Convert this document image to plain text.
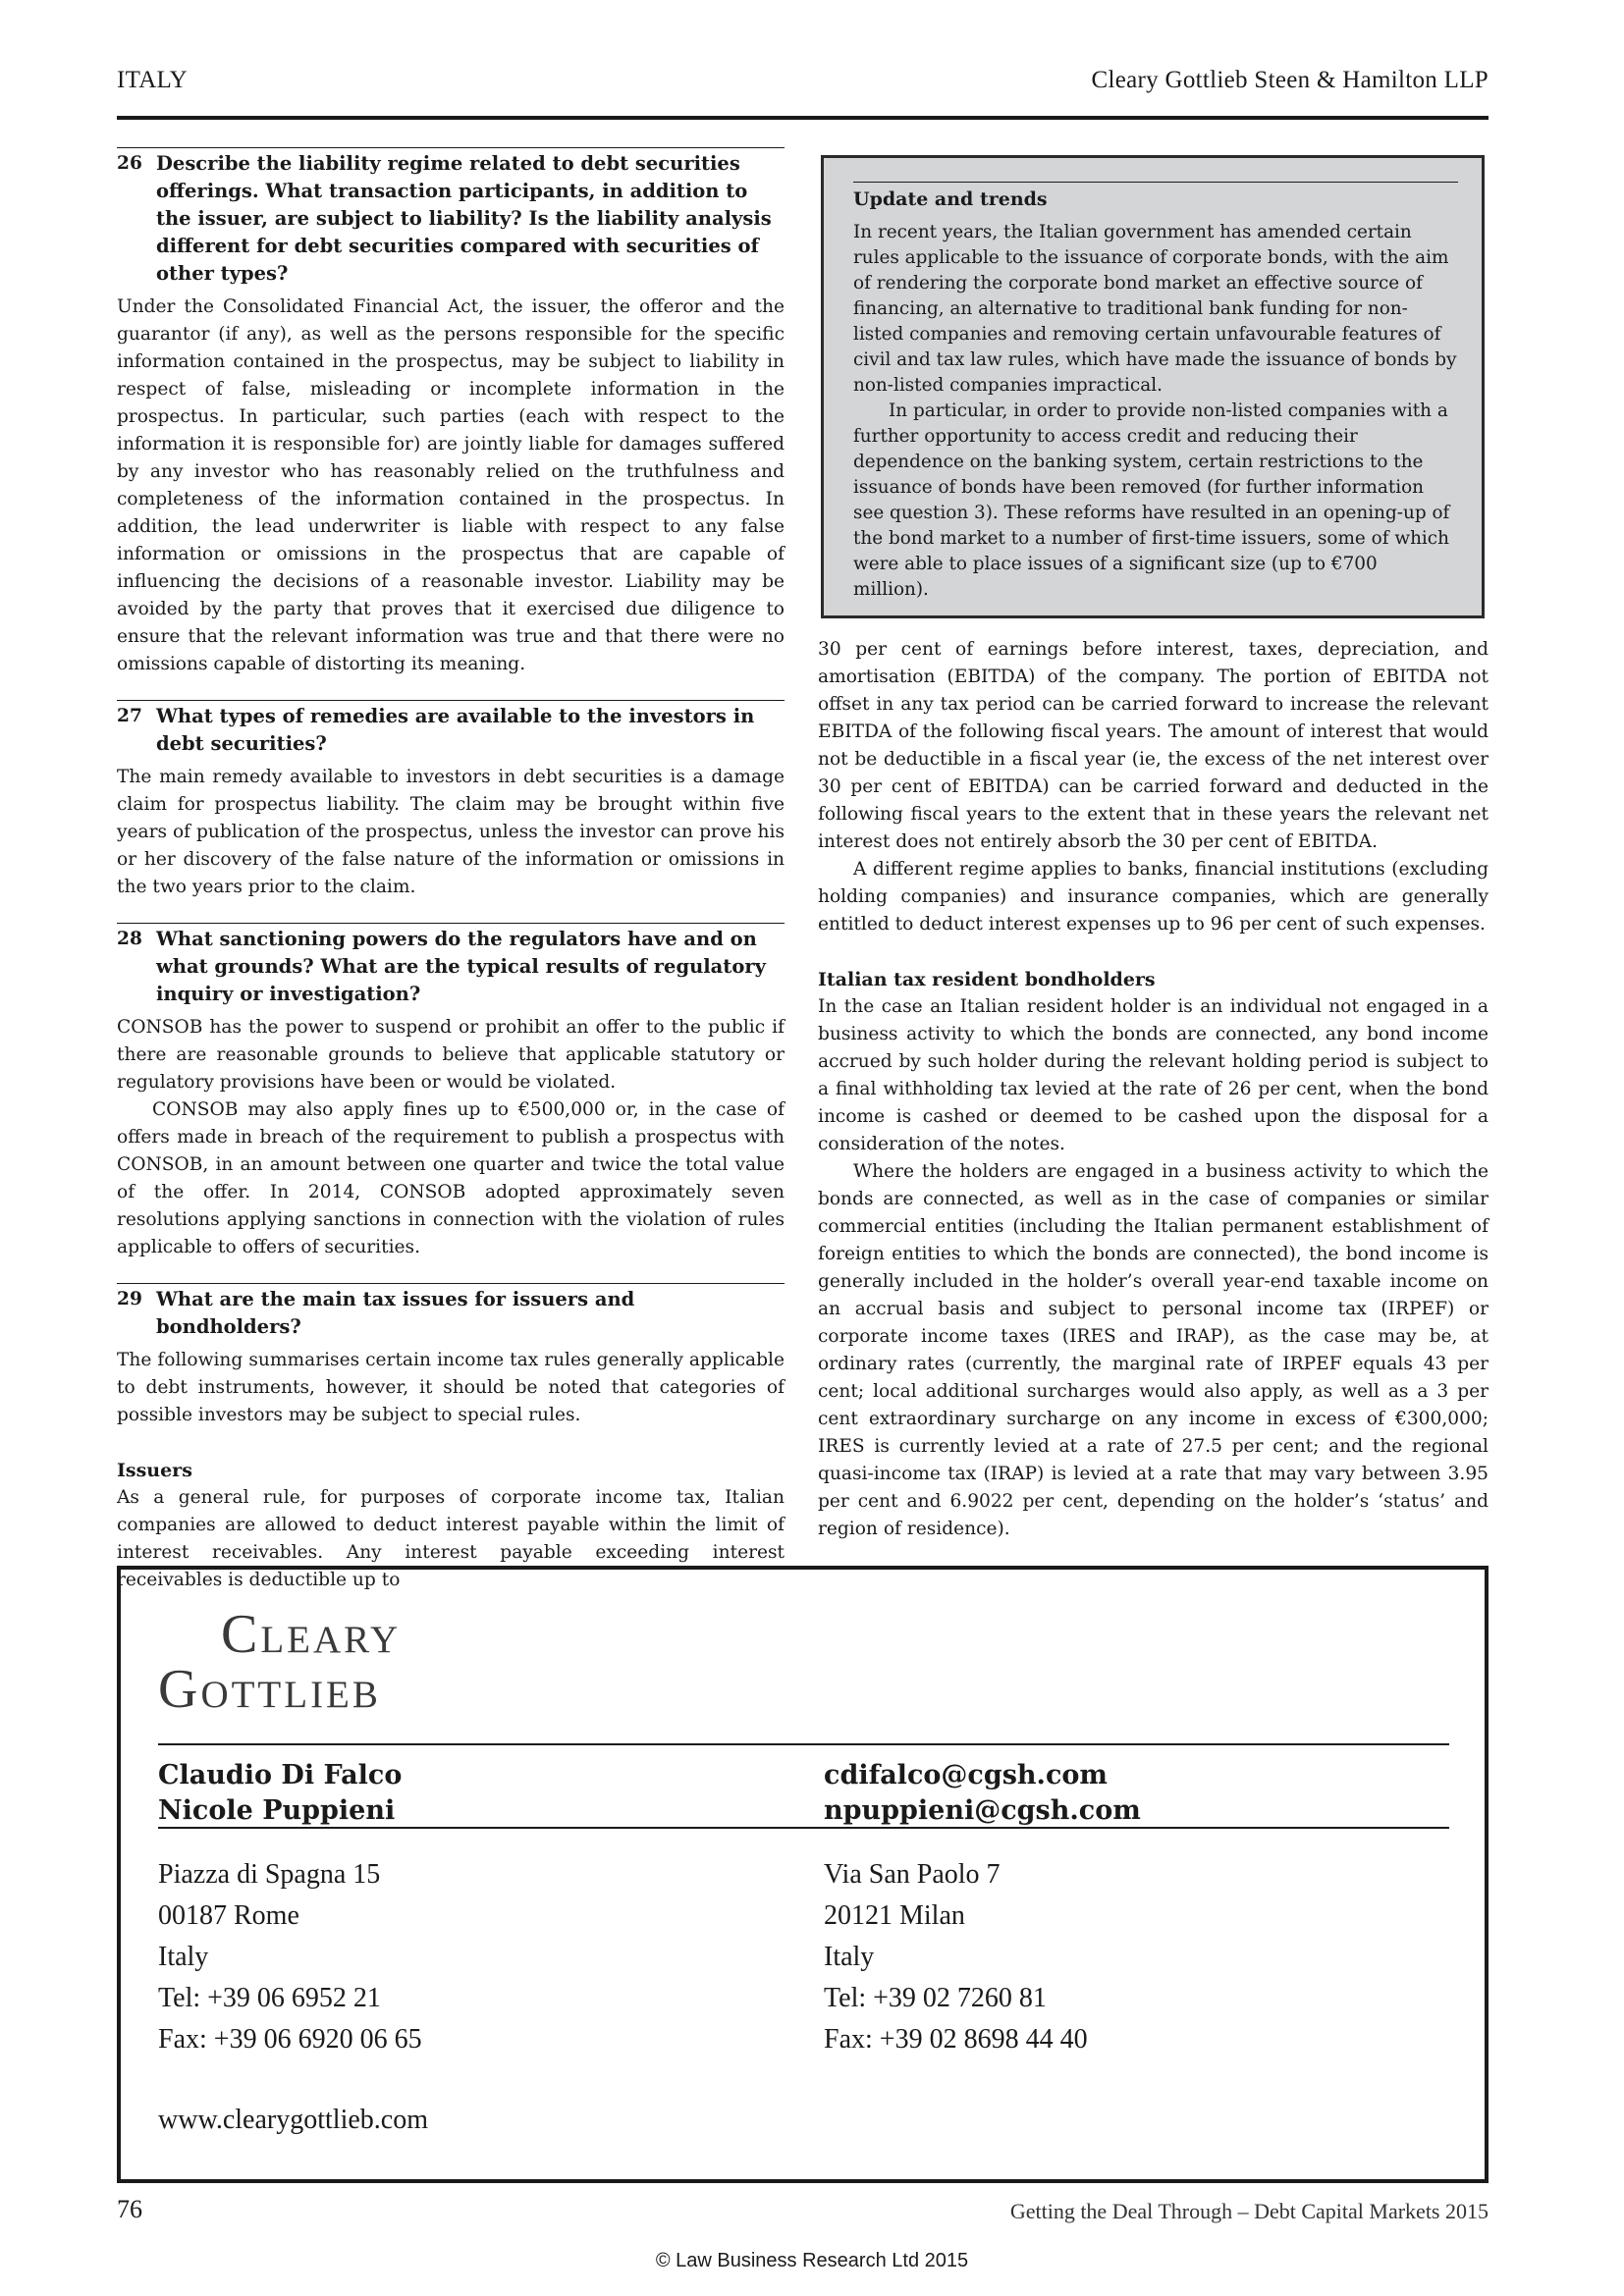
ITALY	Cleary Gottlieb Steen & Hamilton LLP
26 Describe the liability regime related to debt securities offerings. What transaction participants, in addition to the issuer, are subject to liability? Is the liability analysis different for debt securities compared with securities of other types?

Under the Consolidated Financial Act, the issuer, the offeror and the guarantor (if any), as well as the persons responsible for the specific information contained in the prospectus, may be subject to liability in respect of false, misleading or incomplete information in the prospectus. In particular, such parties (each with respect to the information it is responsible for) are jointly liable for damages suffered by any investor who has reasonably relied on the truthfulness and completeness of the information contained in the prospectus. In addition, the lead underwriter is liable with respect to any false information or omissions in the prospectus that are capable of influencing the decisions of a reasonable investor. Liability may be avoided by the party that proves that it exercised due diligence to ensure that the relevant information was true and that there were no omissions capable of distorting its meaning.

27 What types of remedies are available to the investors in debt securities?

The main remedy available to investors in debt securities is a damage claim for prospectus liability. The claim may be brought within five years of publication of the prospectus, unless the investor can prove his or her discovery of the false nature of the information or omissions in the two years prior to the claim.

28 What sanctioning powers do the regulators have and on what grounds? What are the typical results of regulatory inquiry or investigation?

CONSOB has the power to suspend or prohibit an offer to the public if there are reasonable grounds to believe that applicable statutory or regulatory provisions have been or would be violated.

CONSOB may also apply fines up to €500,000 or, in the case of offers made in breach of the requirement to publish a prospectus with CONSOB, in an amount between one quarter and twice the total value of the offer. In 2014, CONSOB adopted approximately seven resolutions applying sanctions in connection with the violation of rules applicable to offers of securities.

29 What are the main tax issues for issuers and bondholders?

The following summarises certain income tax rules generally applicable to debt instruments, however, it should be noted that categories of possible investors may be subject to special rules.

Issuers

As a general rule, for purposes of corporate income tax, Italian companies are allowed to deduct interest payable within the limit of interest receivables. Any interest payable exceeding interest receivables is deductible up to

Update and trends

In recent years, the Italian government has amended certain rules applicable to the issuance of corporate bonds, with the aim of rendering the corporate bond market an effective source of financing, an alternative to traditional bank funding for non-listed companies and removing certain unfavourable features of civil and tax law rules, which have made the issuance of bonds by non-listed companies impractical.

In particular, in order to provide non-listed companies with a further opportunity to access credit and reducing their dependence on the banking system, certain restrictions to the issuance of bonds have been removed (for further information see question 3). These reforms have resulted in an opening-up of the bond market to a number of first-time issuers, some of which were able to place issues of a significant size (up to €700 million).

30 per cent of earnings before interest, taxes, depreciation, and amortisation (EBITDA) of the company. The portion of EBITDA not offset in any tax period can be carried forward to increase the relevant EBITDA of the following fiscal years. The amount of interest that would not be deductible in a fiscal year (ie, the excess of the net interest over 30 per cent of EBITDA) can be carried forward and deducted in the following fiscal years to the extent that in these years the relevant net interest does not entirely absorb the 30 per cent of EBITDA.

A different regime applies to banks, financial institutions (excluding holding companies) and insurance companies, which are generally entitled to deduct interest expenses up to 96 per cent of such expenses.

Italian tax resident bondholders

In the case an Italian resident holder is an individual not engaged in a business activity to which the bonds are connected, any bond income accrued by such holder during the relevant holding period is subject to a final withholding tax levied at the rate of 26 per cent, when the bond income is cashed or deemed to be cashed upon the disposal for a consideration of the notes.

Where the holders are engaged in a business activity to which the bonds are connected, as well as in the case of companies or similar commercial entities (including the Italian permanent establishment of foreign entities to which the bonds are connected), the bond income is generally included in the holder’s overall year-end taxable income on an accrual basis and subject to personal income tax (IRPEF) or corporate income taxes (IRES and IRAP), as the case may be, at ordinary rates (currently, the marginal rate of IRPEF equals 43 per cent; local additional surcharges would also apply, as well as a 3 per cent extraordinary surcharge on any income in excess of €300,000; IRES is currently levied at a rate of 27.5 per cent; and the regional quasi-income tax (IRAP) is levied at a rate that may vary between 3.95 per cent and 6.9022 per cent, depending on the holder’s ‘status’ and region of residence).

Cleary
Gottlieb
Claudio Di Falco
Nicole Puppieni
cdifalco@cgsh.com
npuppieni@cgsh.com
Piazza di Spagna 15
00187 Rome
Italy
Tel: +39 06 6952 21
Fax: +39 06 6920 06 65
Via San Paolo 7
20121 Milan
Italy
Tel: +39 02 7260 81
Fax: +39 02 8698 44 40
www.clearygottlieb.com
76	Getting the Deal Through – Debt Capital Markets 2015
© Law Business Research Ltd 2015
